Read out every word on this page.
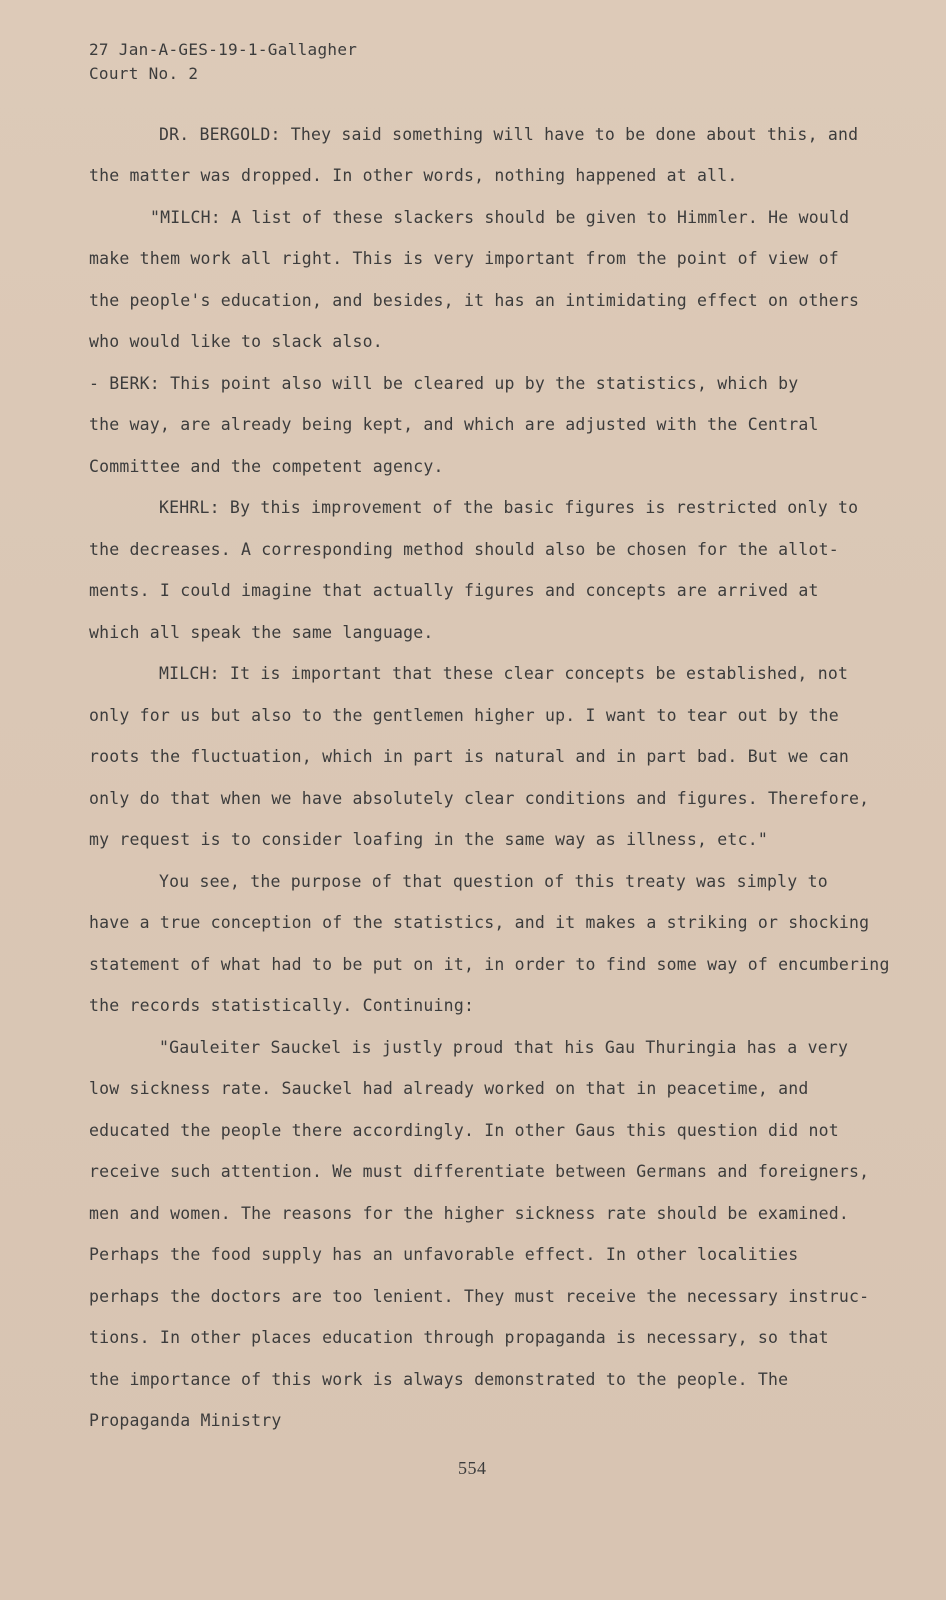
27 Jan-A-GES-19-1-Gallagher
Court No. 2
DR. BERGOLD: They said something will have to be done about this, and
the matter was dropped. In other words, nothing happened at all.
"MILCH: A list of these slackers should be given to Himmler. He would
make them work all right. This is very important from the point of view of
the people's education, and besides, it has an intimidating effect on others
who would like to slack also.
- BERK: This point also will be cleared up by the statistics, which by
the way, are already being kept, and which are adjusted with the Central
Committee and the competent agency.
KEHRL: By this improvement of the basic figures is restricted only to
the decreases. A corresponding method should also be chosen for the allot-
ments. I could imagine that actually figures and concepts are arrived at
which all speak the same language.
MILCH: It is important that these clear concepts be established, not
only for us but also to the gentlemen higher up. I want to tear out by the
roots the fluctuation, which in part is natural and in part bad. But we can
only do that when we have absolutely clear conditions and figures. Therefore,
my request is to consider loafing in the same way as illness, etc."
You see, the purpose of that question of this treaty was simply to
have a true conception of the statistics, and it makes a striking or shocking
statement of what had to be put on it, in order to find some way of encumbering
the records statistically. Continuing:
"Gauleiter Sauckel is justly proud that his Gau Thuringia has a very
low sickness rate. Sauckel had already worked on that in peacetime, and
educated the people there accordingly. In other Gaus this question did not
receive such attention. We must differentiate between Germans and foreigners,
men and women. The reasons for the higher sickness rate should be examined.
Perhaps the food supply has an unfavorable effect. In other localities
perhaps the doctors are too lenient. They must receive the necessary instruc-
tions. In other places education through propaganda is necessary, so that
the importance of this work is always demonstrated to the people. The
Propaganda Ministry
554
